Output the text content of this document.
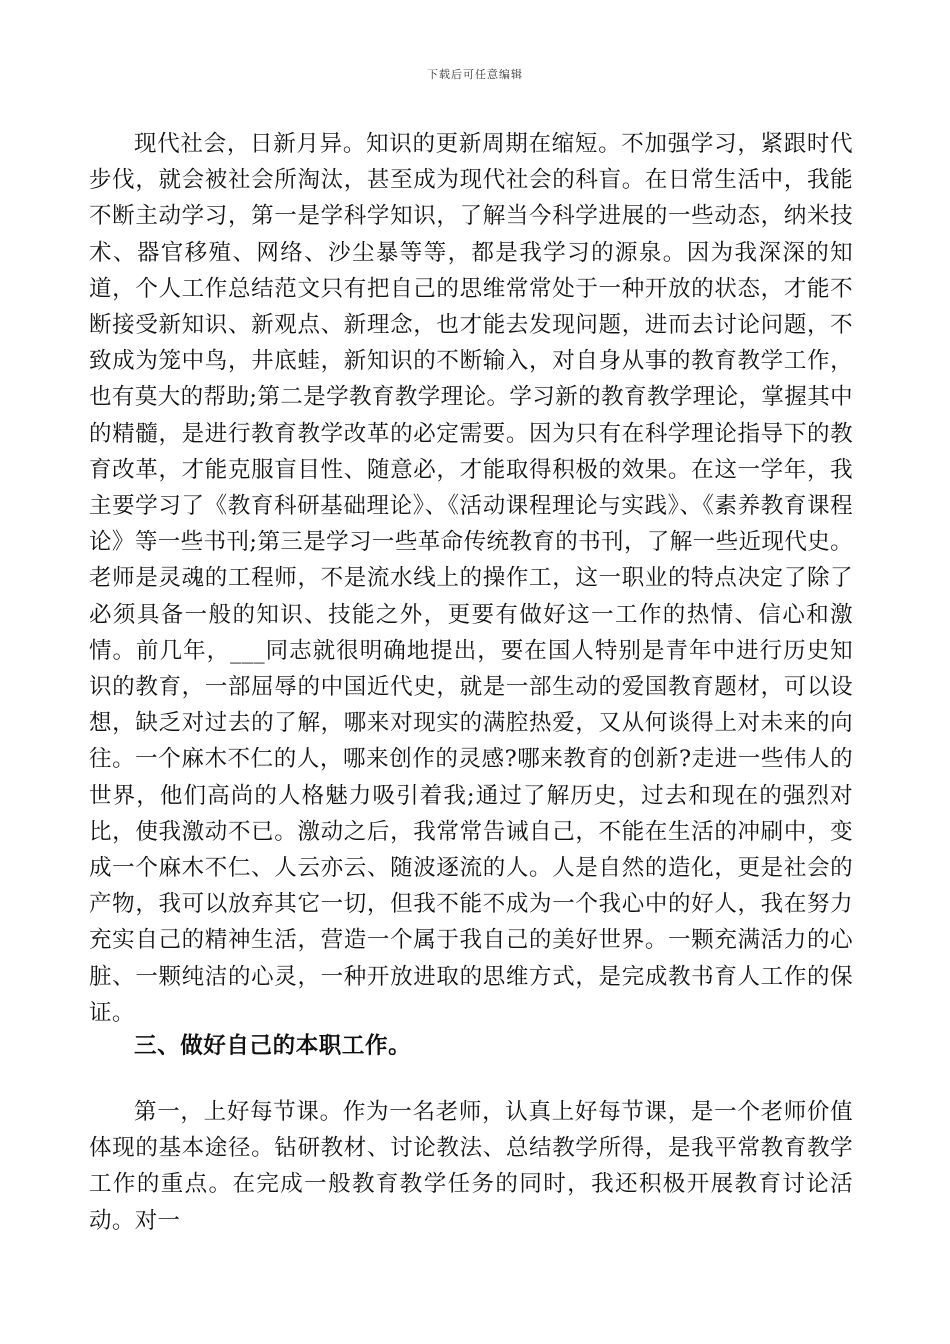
下载后可任意编辑

现代社会，日新月异。知识的更新周期在缩短。不加强学习，紧跟时代步伐，就会被社会所淘汰，甚至成为现代社会的科盲。在日常生活中，我能不断主动学习，第一是学科学知识，了解当今科学进展的一些动态，纳米技术、器官移殖、网络、沙尘暴等等，都是我学习的源泉。因为我深深的知道，个人工作总结范文只有把自己的思维常常处于一种开放的状态，才能不断接受新知识、新观点、新理念，也才能去发现问题，进而去讨论问题，不致成为笼中鸟，井底蛙，新知识的不断输入，对自身从事的教育教学工作，也有莫大的帮助;第二是学教育教学理论。学习新的教育教学理论，掌握其中的精髓，是进行教育教学改革的必定需要。因为只有在科学理论指导下的教育改革，才能克服盲目性、随意必，才能取得积极的效果。在这一学年，我主要学习了《教育科研基础理论》、《活动课程理论与实践》、《素养教育课程论》等一些书刊;第三是学习一些革命传统教育的书刊，了解一些近现代史。老师是灵魂的工程师，不是流水线上的操作工，这一职业的特点决定了除了必须具备一般的知识、技能之外，更要有做好这一工作的热情、信心和激情。前几年，___同志就很明确地提出，要在国人特别是青年中进行历史知识的教育，一部屈辱的中国近代史，就是一部生动的爱国教育题材，可以设想，缺乏对过去的了解，哪来对现实的满腔热爱，又从何谈得上对未来的向往。一个麻木不仁的人，哪来创作的灵感?哪来教育的创新?走进一些伟人的世界，他们高尚的人格魅力吸引着我;通过了解历史，过去和现在的强烈对比，使我激动不已。激动之后，我常常告诫自己，不能在生活的冲刷中，变成一个麻木不仁、人云亦云、随波逐流的人。人是自然的造化，更是社会的产物，我可以放弃其它一切，但我不能不成为一个我心中的好人，我在努力充实自己的精神生活，营造一个属于我自己的美好世界。一颗充满活力的心脏、一颗纯洁的心灵，一种开放进取的思维方式，是完成教书育人工作的保证。

三、做好自己的本职工作。

第一，上好每节课。作为一名老师，认真上好每节课，是一个老师价值体现的基本途径。钻研教材、讨论教法、总结教学所得，是我平常教育教学工作的重点。在完成一般教育教学任务的同时，我还积极开展教育讨论活动。对一
